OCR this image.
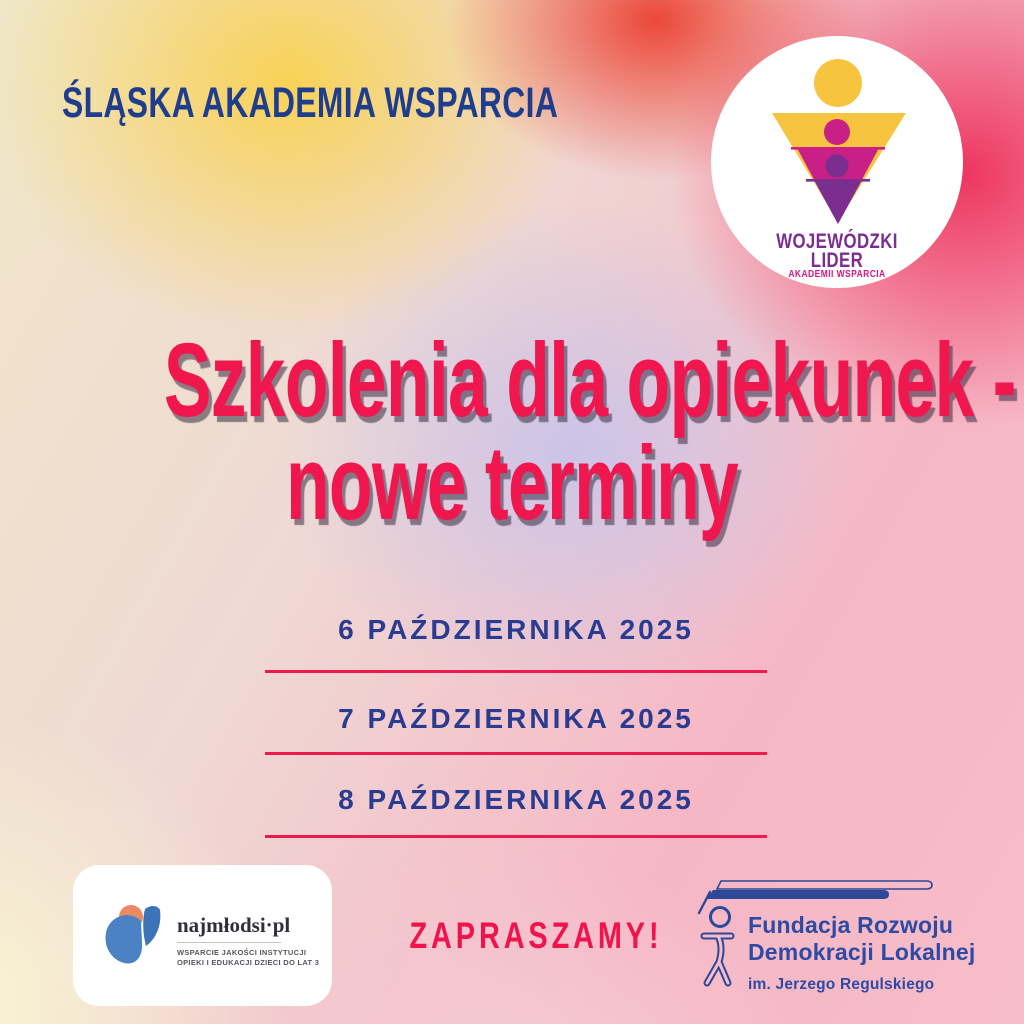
ŚLĄSKA AKADEMIA WSPARCIA
WOJEWÓDZKI
LIDER
AKADEMII WSPARCIA
Szkolenia dla opiekunek -
nowe terminy
6 PAŹDZIERNIKA 2025
7 PAŹDZIERNIKA 2025
8 PAŹDZIERNIKA 2025
ZAPRASZAMY!
najmłodsi·pl
WSPARCIE JAKOŚCI INSTYTUCJI
OPIEKI I EDUKACJI DZIECI DO LAT 3
Fundacja Rozwoju
Demokracji Lokalnej
im. Jerzego Regulskiego
